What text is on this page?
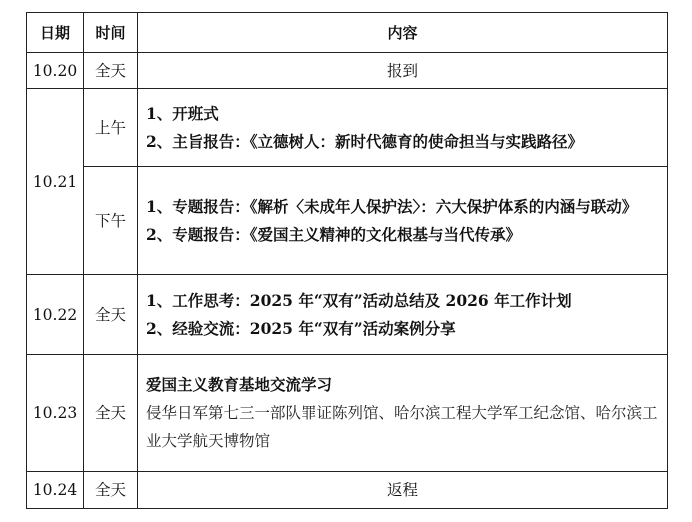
日期	时间	内容
10.20	全天	报到
10.21	上午	1、开班式
2、主旨报告：《立德树人：新时代德育的使命担当与实践路径》

	下午	1、专题报告：《解析〈未成年人保护法〉：六大保护体系的内涵与联动》
2、专题报告：《爱国主义精神的文化根基与当代传承》

10.22	全天	1、工作思考：2025 年“双有”活动总结及 2026 年工作计划
2、经验交流：2025 年“双有”活动案例分享

10.23	全天	爱国主义教育基地交流学习
侵华日军第七三一部队罪证陈列馆、哈尔滨工程大学军工纪念馆、哈尔滨工业大学航天博物馆

10.24	全天	返程
